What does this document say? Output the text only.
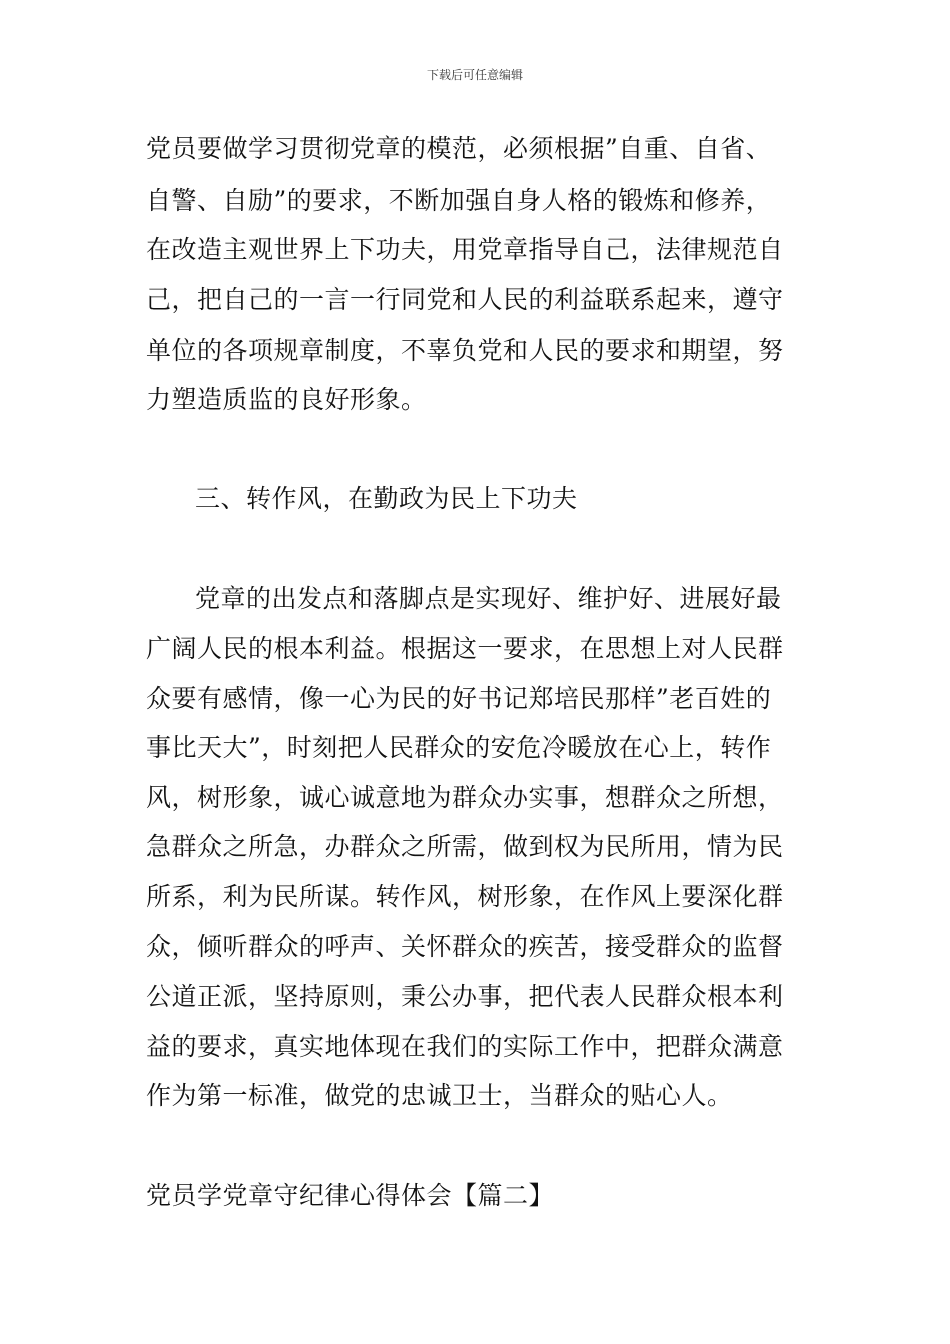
下载后可任意编辑
党员要做学习贯彻党章的模范，必须根据”自重、自省、
自警、自励”的要求，不断加强自身人格的锻炼和修养，
在改造主观世界上下功夫，用党章指导自己，法律规范自
己，把自己的一言一行同党和人民的利益联系起来，遵守
单位的各项规章制度，不辜负党和人民的要求和期望，努
力塑造质监的良好形象。
三、转作风，在勤政为民上下功夫
党章的出发点和落脚点是实现好、维护好、进展好最
广阔人民的根本利益。根据这一要求，在思想上对人民群
众要有感情，像一心为民的好书记郑培民那样”老百姓的
事比天大”，时刻把人民群众的安危冷暖放在心上，转作
风，树形象，诚心诚意地为群众办实事，想群众之所想，
急群众之所急，办群众之所需，做到权为民所用，情为民
所系，利为民所谋。转作风，树形象，在作风上要深化群
众，倾听群众的呼声、关怀群众的疾苦，接受群众的监督
公道正派，坚持原则，秉公办事，把代表人民群众根本利
益的要求，真实地体现在我们的实际工作中，把群众满意
作为第一标准，做党的忠诚卫士，当群众的贴心人。
党员学党章守纪律心得体会【篇二】
